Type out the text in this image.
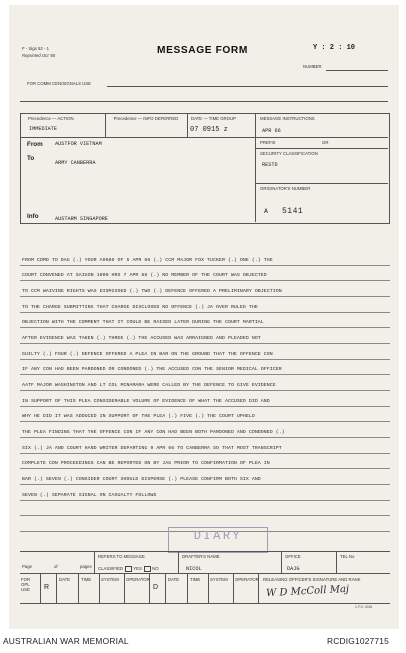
F - Sigs 52 - 1
Reprinted Oct '65	MESSAGE FORM	Y : 2 : 10
NUMBER
FOR COMM CEN/SIGNALS USE
Precedence — ACTION
IMMEDIATE
Precedence — INFO DEFERRED	DATE — TIME GROUP
07 0915 z
MESSAGE INSTRUCTIONS
APR 66
PREFIX	GR
SECURITY CLASSIFICATION
RESTD
ORIGINATOR'S NUMBER
A 5141
From AUSTFOR VIETNAM
To
ARMY CANBERRA
Info	AUSTARM SINGAPORE
FROM COMD TO DAG (.) YOUR A9660 OF 5 APR 66 (.) CCM MAJOR FOX TUCKER (.) ONE (.) THE
COURT CONVENED AT SAIGON 1000 HRS 7 APR 66 (.) NO MEMBER OF THE COURT WAS OBJECTED
TO CCM WAIVING RIGHTS WAS DISMISSED (.) TWO (.) DEFENCE OFFERED A PRELIMINARY OBJECTION
TO THE CHARGE SUBMITTING THAT CHARGE DISCLOSED NO OFFENCE (.) JA OVER RULED THE
OBJECTION WITH THE COMMENT THAT IT COULD BE RAISED LATER DURING THE COURT MARTIAL
AFTER EVIDENCE WAS TAKEN (.) THREE (.) THE ACCUSED WAS ARRAIGNED AND PLEADED NOT
GUILTY (.) FOUR (.) DEFENCE OFFERED A PLEA IN BAR ON THE GROUND THAT THE OFFENCE CON
IF ANY CON HAD BEEN PARDONED OR CONDONED (.) THE ACCUSED CON THE SENIOR MEDICAL OFFICER
AATF MAJOR WASHINGTON AND LT COL MCNAMARA WERE CALLED BY THE DEFENCE TO GIVE EVIDENCE
IN SUPPORT OF THIS PLEA CONSIDERABLE VOLUME OF EVIDENCE OF WHAT THE ACCUSED DID AND
WHY HE DID IT WAS ADDUCED IN SUPPORT OF THE PLEA (.) FIVE (.) THE COURT UPHELD
THE PLEA FINDING THAT THE OFFENCE CON IF ANY CON HAD BEEN BOTH PARDONED AND CONDONED (.)
SIX (.) JA AND COURT HAND WRITER DEPARTING 9 APR 66 TO CANBERRA SO THAT MOST TRANSCRIPT
COMPLETE CON PROCEEDINGS CAN BE REPORTED ON BY JAG PRIOR TO CONFIRMATION OF PLEA IN
BAR (.) SEVEN (.) CONSIDER COURT SHOULD DISPERSE (.) PLEASE CONFIRM BOTH SIX AND
SEVEN (.) SEPARATE SIGNAL ON CASUALTY FOLLOWS
DIARY
Page	of	pages
REFERS TO MESSAGE
CLASSIFIED YES NO
DRAFTER'S NAME
NICOL
OFFICE
DAJG
TEL No
FOR OPL USE	R
DATE	TIME SYSTEM OPERATOR
D
DATE	TIME SYSTEM OPERATOR RELEASING OFFICER'S SIGNATURE AND RANK
W D McColl Maj
C.P.O. 6456
AUSTRALIAN WAR MEMORIAL	RCDIG1027715
